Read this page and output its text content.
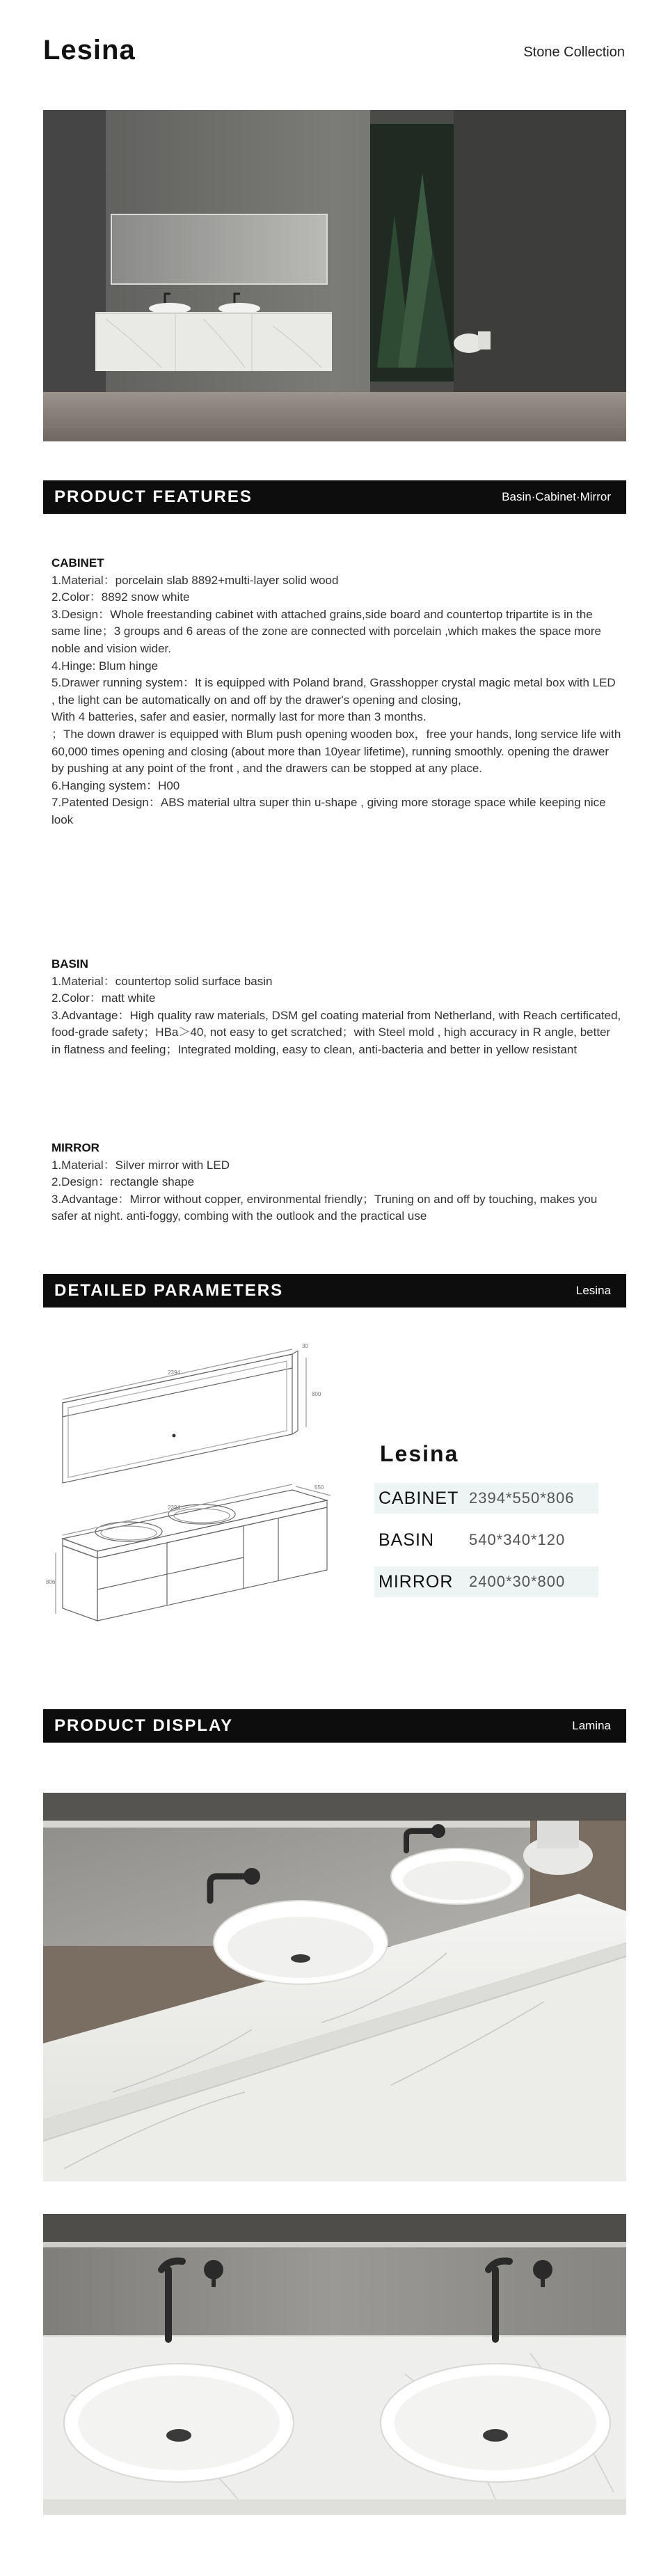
Lesina	Stone Collection
PRODUCT FEATURES	Basin·Cabinet·Mirror

CABINET

1.Material：porcelain slab 8892+multi-layer solid wood

2.Color：8892 snow white

3.Design：Whole freestanding cabinet with attached grains,side board and countertop tripartite is in the same line；3 groups and 6 areas of the zone are connected with porcelain ,which makes the space more noble and vision wider.

4.Hinge: Blum hinge

5.Drawer running system：It is equipped with Poland brand, Grasshopper crystal magic metal box with LED , the light can be automatically on and off by the drawer's opening and closing,

With 4 batteries, safer and easier, normally last for more than 3 months.

；The down drawer is equipped with Blum push opening wooden box，free your hands, long service life with 60,000 times opening and closing (about more than 10year lifetime), running smoothly. opening the drawer by pushing at any point of the front , and the drawers can be stopped at any place.

6.Hanging system：H00

7.Patented Design：ABS material ultra super thin u-shape , giving more storage space while keeping nice look

BASIN

1.Material：countertop solid surface basin

2.Color：matt white

3.Advantage：High quality raw materials, DSM gel coating material from Netherland, with Reach certificated, food-grade safety；HBa＞40, not easy to get scratched；with Steel mold , high accuracy in R angle, better in flatness and feeling；Integrated molding, easy to clean, anti-bacteria and better in yellow resistant

MIRROR

1.Material：Silver mirror with LED

2.Design：rectangle shape

3.Advantage：Mirror without copper, environmental friendly；Truning on and off by touching, makes you safer at night. anti-foggy, combing with the outlook and the practical use

DETAILED PARAMETERS	Lesina
2394
800
30
2394
550
806
Lesina
CABINET 2394*550*806
BASIN	540*340*120
MIRROR	2400*30*800
PRODUCT DISPLAY	Lamina
